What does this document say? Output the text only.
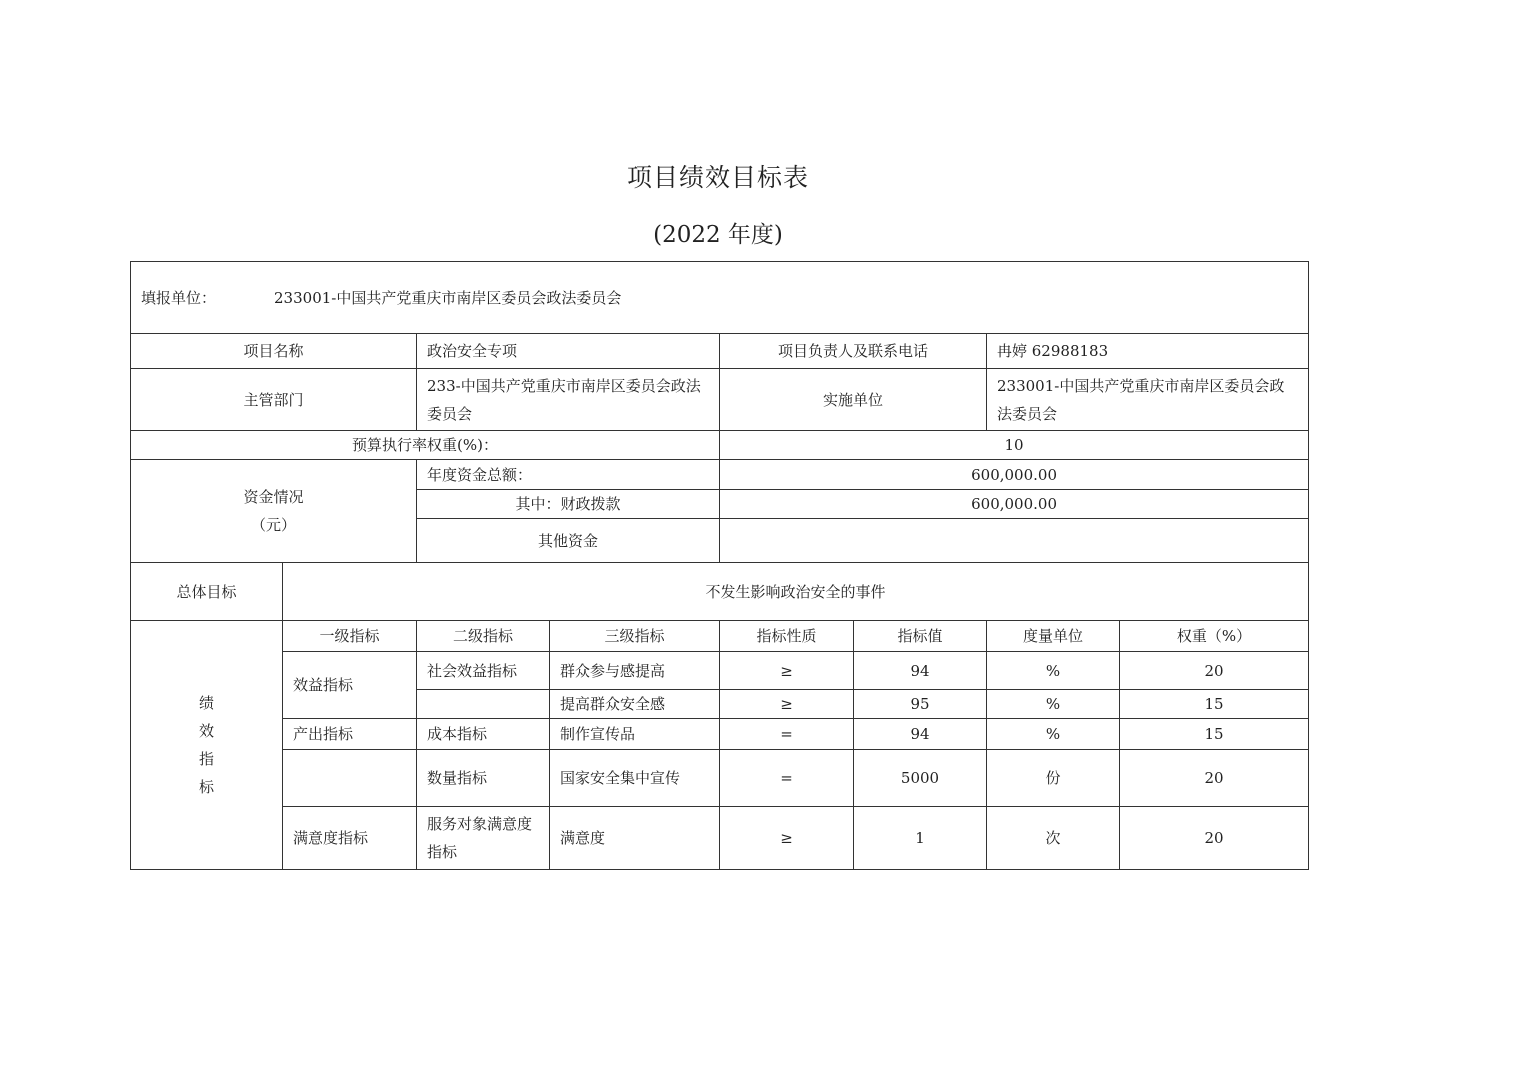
项目绩效目标表
(2022 年度)
填报单位： 233001-中国共产党重庆市南岸区委员会政法委员会							
项目名称		政治安全专项		项目负责人及联系电话		冉婷 62988183	
主管部门		233-中国共产党重庆市南岸区委员会政法委员会		实施单位		233001-中国共产党重庆市南岸区委员会政法委员会	
预算执行率权重(%)：				10			

资金情况
（元）		年度资金总额：		600,000.00			
		其中：财政拨款		600,000.00			
		其他资金					
总体目标	不发生影响政治安全的事件						

绩
效
指
标	一级指标	二级指标	三级指标	指标性质	指标值	度量单位	权重（%）
	效益指标	社会效益指标	群众参与感提高	≥	94	%	20
			提高群众安全感	≥	95	%	15
	产出指标	成本指标	制作宣传品	=	94	%	15
		数量指标	国家安全集中宣传	=	5000	份	20
	满意度指标	服务对象满意度指标	满意度	≥	1	次	20
